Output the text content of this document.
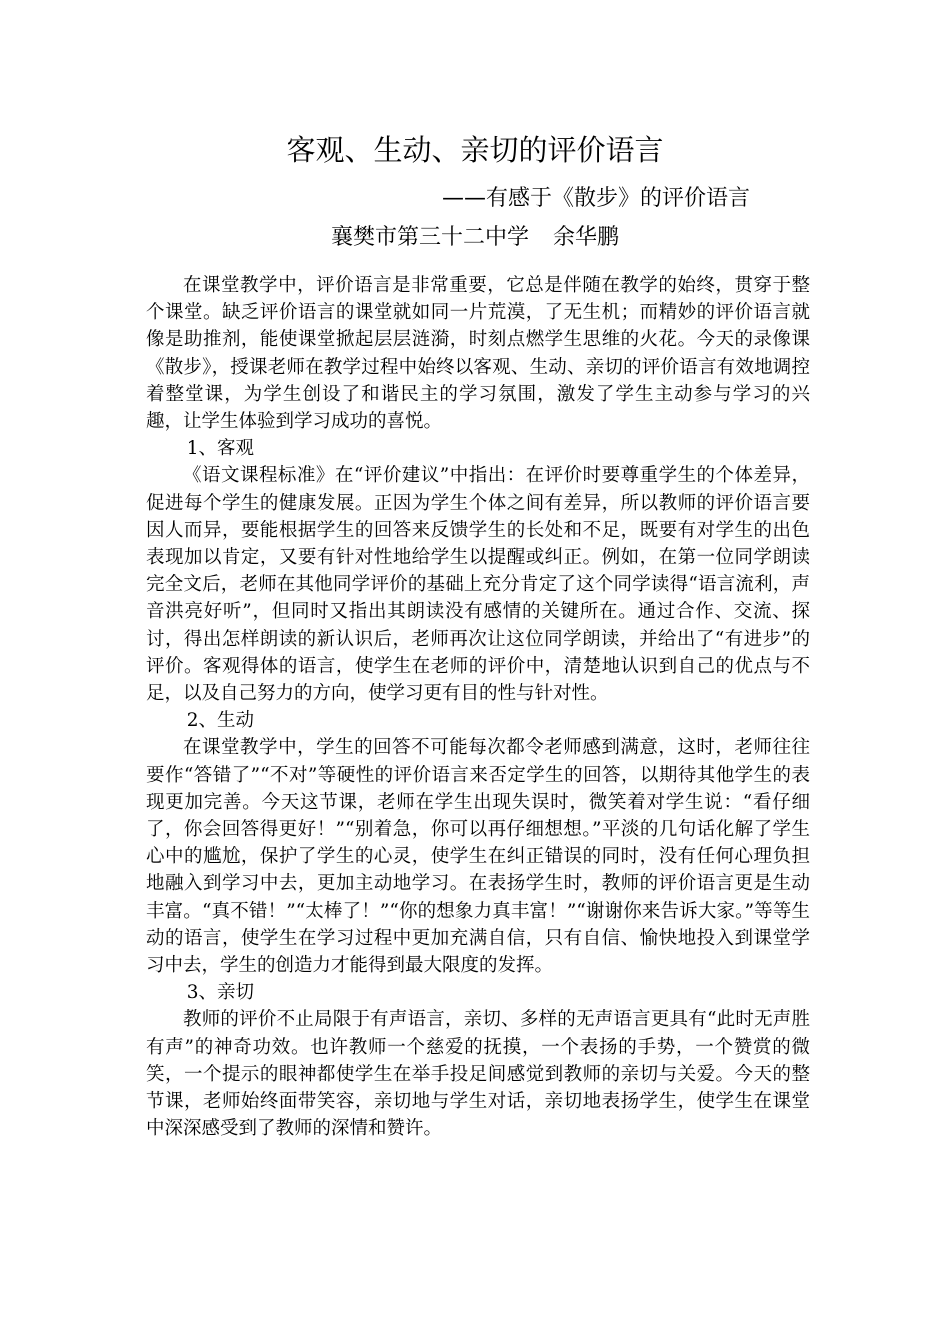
客观、生动、亲切的评价语言
——有感于《散步》的评价语言
襄樊市第三十二中学 余华鹏

在课堂教学中，评价语言是非常重要，它总是伴随在教学的始终，贯穿于整个课堂。缺乏评价语言的课堂就如同一片荒漠，了无生机；而精妙的评价语言就像是助推剂，能使课堂掀起层层涟漪，时刻点燃学生思维的火花。今天的录像课《散步》，授课老师在教学过程中始终以客观、生动、亲切的评价语言有效地调控着整堂课，为学生创设了和谐民主的学习氛围，激发了学生主动参与学习的兴趣，让学生体验到学习成功的喜悦。

1、客观

《语文课程标准》在“评价建议”中指出：在评价时要尊重学生的个体差异，促进每个学生的健康发展。正因为学生个体之间有差异，所以教师的评价语言要因人而异，要能根据学生的回答来反馈学生的长处和不足，既要有对学生的出色表现加以肯定，又要有针对性地给学生以提醒或纠正。例如，在第一位同学朗读完全文后，老师在其他同学评价的基础上充分肯定了这个同学读得“语言流利，声音洪亮好听”，但同时又指出其朗读没有感情的关键所在。通过合作、交流、探讨，得出怎样朗读的新认识后，老师再次让这位同学朗读，并给出了“有进步”的评价。客观得体的语言，使学生在老师的评价中，清楚地认识到自己的优点与不足，以及自己努力的方向，使学习更有目的性与针对性。

2、生动

在课堂教学中，学生的回答不可能每次都令老师感到满意，这时，老师往往要作“答错了”“不对”等硬性的评价语言来否定学生的回答，以期待其他学生的表现更加完善。今天这节课，老师在学生出现失误时，微笑着对学生说：“看仔细了，你会回答得更好！”“别着急，你可以再仔细想想。”平淡的几句话化解了学生心中的尴尬，保护了学生的心灵，使学生在纠正错误的同时，没有任何心理负担地融入到学习中去，更加主动地学习。在表扬学生时，教师的评价语言更是生动丰富。“真不错！”“太棒了！”“你的想象力真丰富！”“谢谢你来告诉大家。”等等生动的语言，使学生在学习过程中更加充满自信，只有自信、愉快地投入到课堂学习中去，学生的创造力才能得到最大限度的发挥。

3、亲切

教师的评价不止局限于有声语言，亲切、多样的无声语言更具有“此时无声胜有声”的神奇功效。也许教师一个慈爱的抚摸，一个表扬的手势，一个赞赏的微笑，一个提示的眼神都使学生在举手投足间感觉到教师的亲切与关爱。今天的整节课，老师始终面带笑容，亲切地与学生对话，亲切地表扬学生，使学生在课堂中深深感受到了教师的深情和赞许。
